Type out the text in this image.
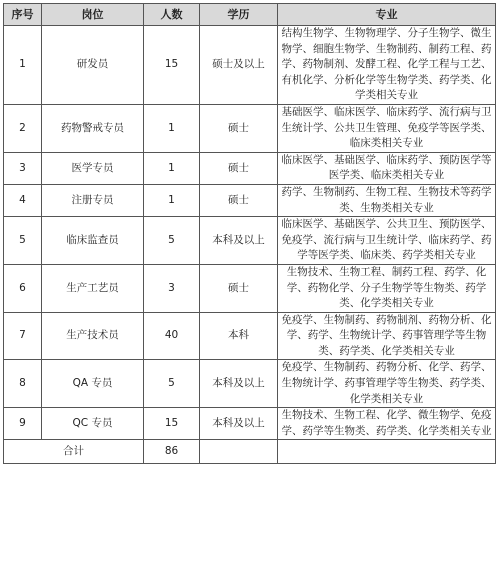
序号	岗位	人数	学历	专业
1	研发员	15	硕士及以上	结构生物学、生物物理学、分子生物学、微生物学、细胞生物学、生物制药、制药工程、药学、药物制剂、发酵工程、化学工程与工艺、有机化学、分析化学等生物学类、药学类、化学类相关专业
2	药物警戒专员	1	硕士	基础医学、临床医学、临床药学、流行病与卫生统计学、公共卫生管理、免疫学等医学类、临床类相关专业
3	医学专员	1	硕士	临床医学、基础医学、临床药学、预防医学等医学类、临床类相关专业
4	注册专员	1	硕士	药学、生物制药、生物工程、生物技术等药学类、生物类相关专业
5	临床监查员	5	本科及以上	临床医学、基础医学、公共卫生、预防医学、免疫学、流行病与卫生统计学、临床药学、药学等医学类、临床类、药学类相关专业
6	生产工艺员	3	硕士	生物技术、生物工程、制药工程、药学、化学、药物化学、分子生物学等生物类、药学类、化学类相关专业
7	生产技术员	40	本科	免疫学、生物制药、药物制剂、药物分析、化学、药学、生物统计学、药事管理学等生物类、药学类、化学类相关专业
8	QA 专员	5	本科及以上	免疫学、生物制药、药物分析、化学、药学、生物统计学、药事管理学等生物类、药学类、化学类相关专业
9	QC 专员	15	本科及以上	生物技术、生物工程、化学、微生物学、免疫学、药学等生物类、药学类、化学类相关专业
合计		86		
